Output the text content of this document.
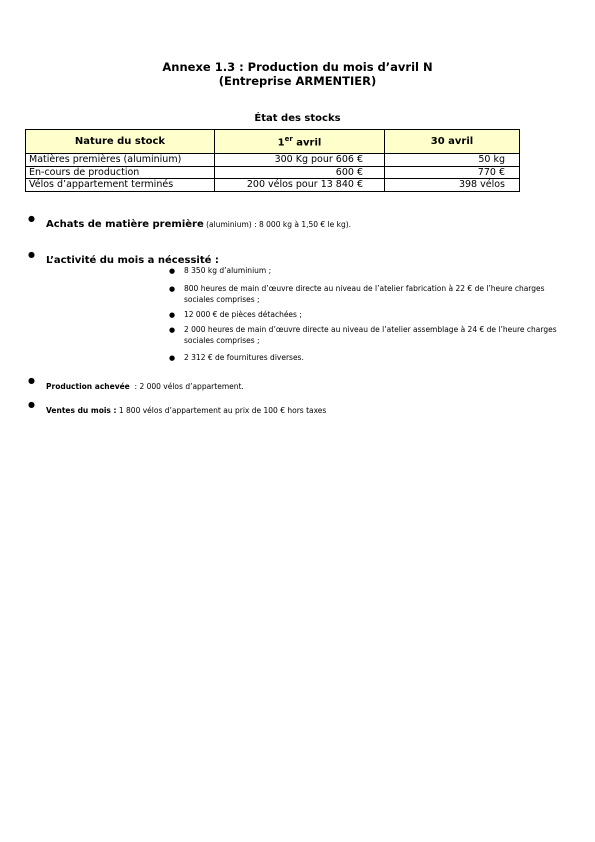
Annexe 1.3 : Production du mois d’avril N
(Entreprise ARMENTIER)
État des stocks
Nature du stock	1er avril	30 avril
Matières premières (aluminium)	300 Kg pour 606 €	50 kg
En-cours de production	600 €	770 €
Vélos d’appartement terminés	200 vélos pour 13 840 €	398 vélos
●
Achats de matière première (aluminium) : 8 000 kg à 1,50 € le kg).
●
L’activité du mois a nécessité :
● 8 350 kg d’aluminium ;
● 800 heures de main d’œuvre directe au niveau de l’atelier fabrication à 22 € de l’heure charges sociales comprises ;
● 12 000 € de pièces détachées ;
● 2 000 heures de main d’œuvre directe au niveau de l’atelier assemblage à 24 € de l’heure charges sociales comprises ;
● 2 312 € de fournitures diverses.
●
Production achevée  : 2 000 vélos d’appartement.
●
Ventes du mois : 1 800 vélos d’appartement au prix de 100 € hors taxes
